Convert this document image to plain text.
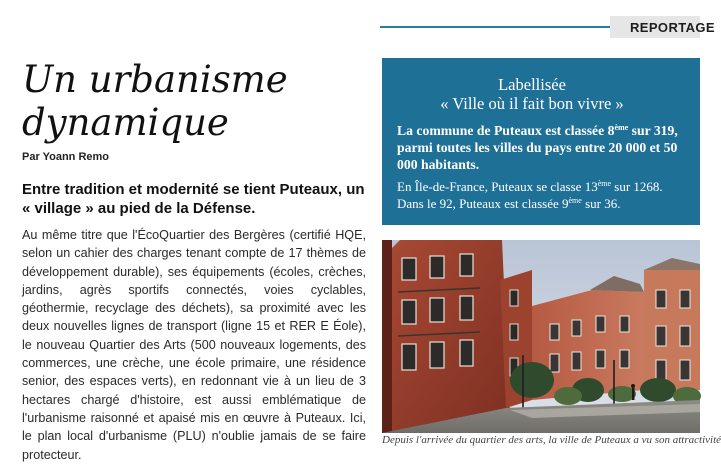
REPORTAGE
Un urbanisme dynamique
Par Yoann Remo

Entre tradition et modernité se tient Puteaux, un « village » au pied de la Défense.

Au même titre que l'ÉcoQuartier des Bergères (certifié HQE, selon un cahier des charges tenant compte de 17 thèmes de développement durable), ses équipements (écoles, crèches, jardins, agrès sportifs connectés, voies cyclables, géothermie, recyclage des déchets), sa proximité avec les deux nouvelles lignes de transport (ligne 15 et RER E Éole), le nouveau Quartier des Arts (500 nouveaux logements, des commerces, une crèche, une école primaire, une résidence senior, des espaces verts), en redonnant vie à un lieu de 3 hectares chargé d'histoire, est aussi emblématique de l'urbanisme raisonné et apaisé mis en œuvre à Puteaux. Ici, le plan local d'urbanisme (PLU) n'oublie jamais de se faire protecteur.

Labellisée
« Ville où il fait bon vivre »
La commune de Puteaux est classée 8ème sur 319, parmi toutes les villes du pays entre 20 000 et 50 000 habitants.
En Île-de-France, Puteaux se classe 13ème sur 1268.
Dans le 92, Puteaux est classée 9ème sur 36.
Depuis l'arrivée du quartier des arts, la ville de Puteaux a vu son attractivité
